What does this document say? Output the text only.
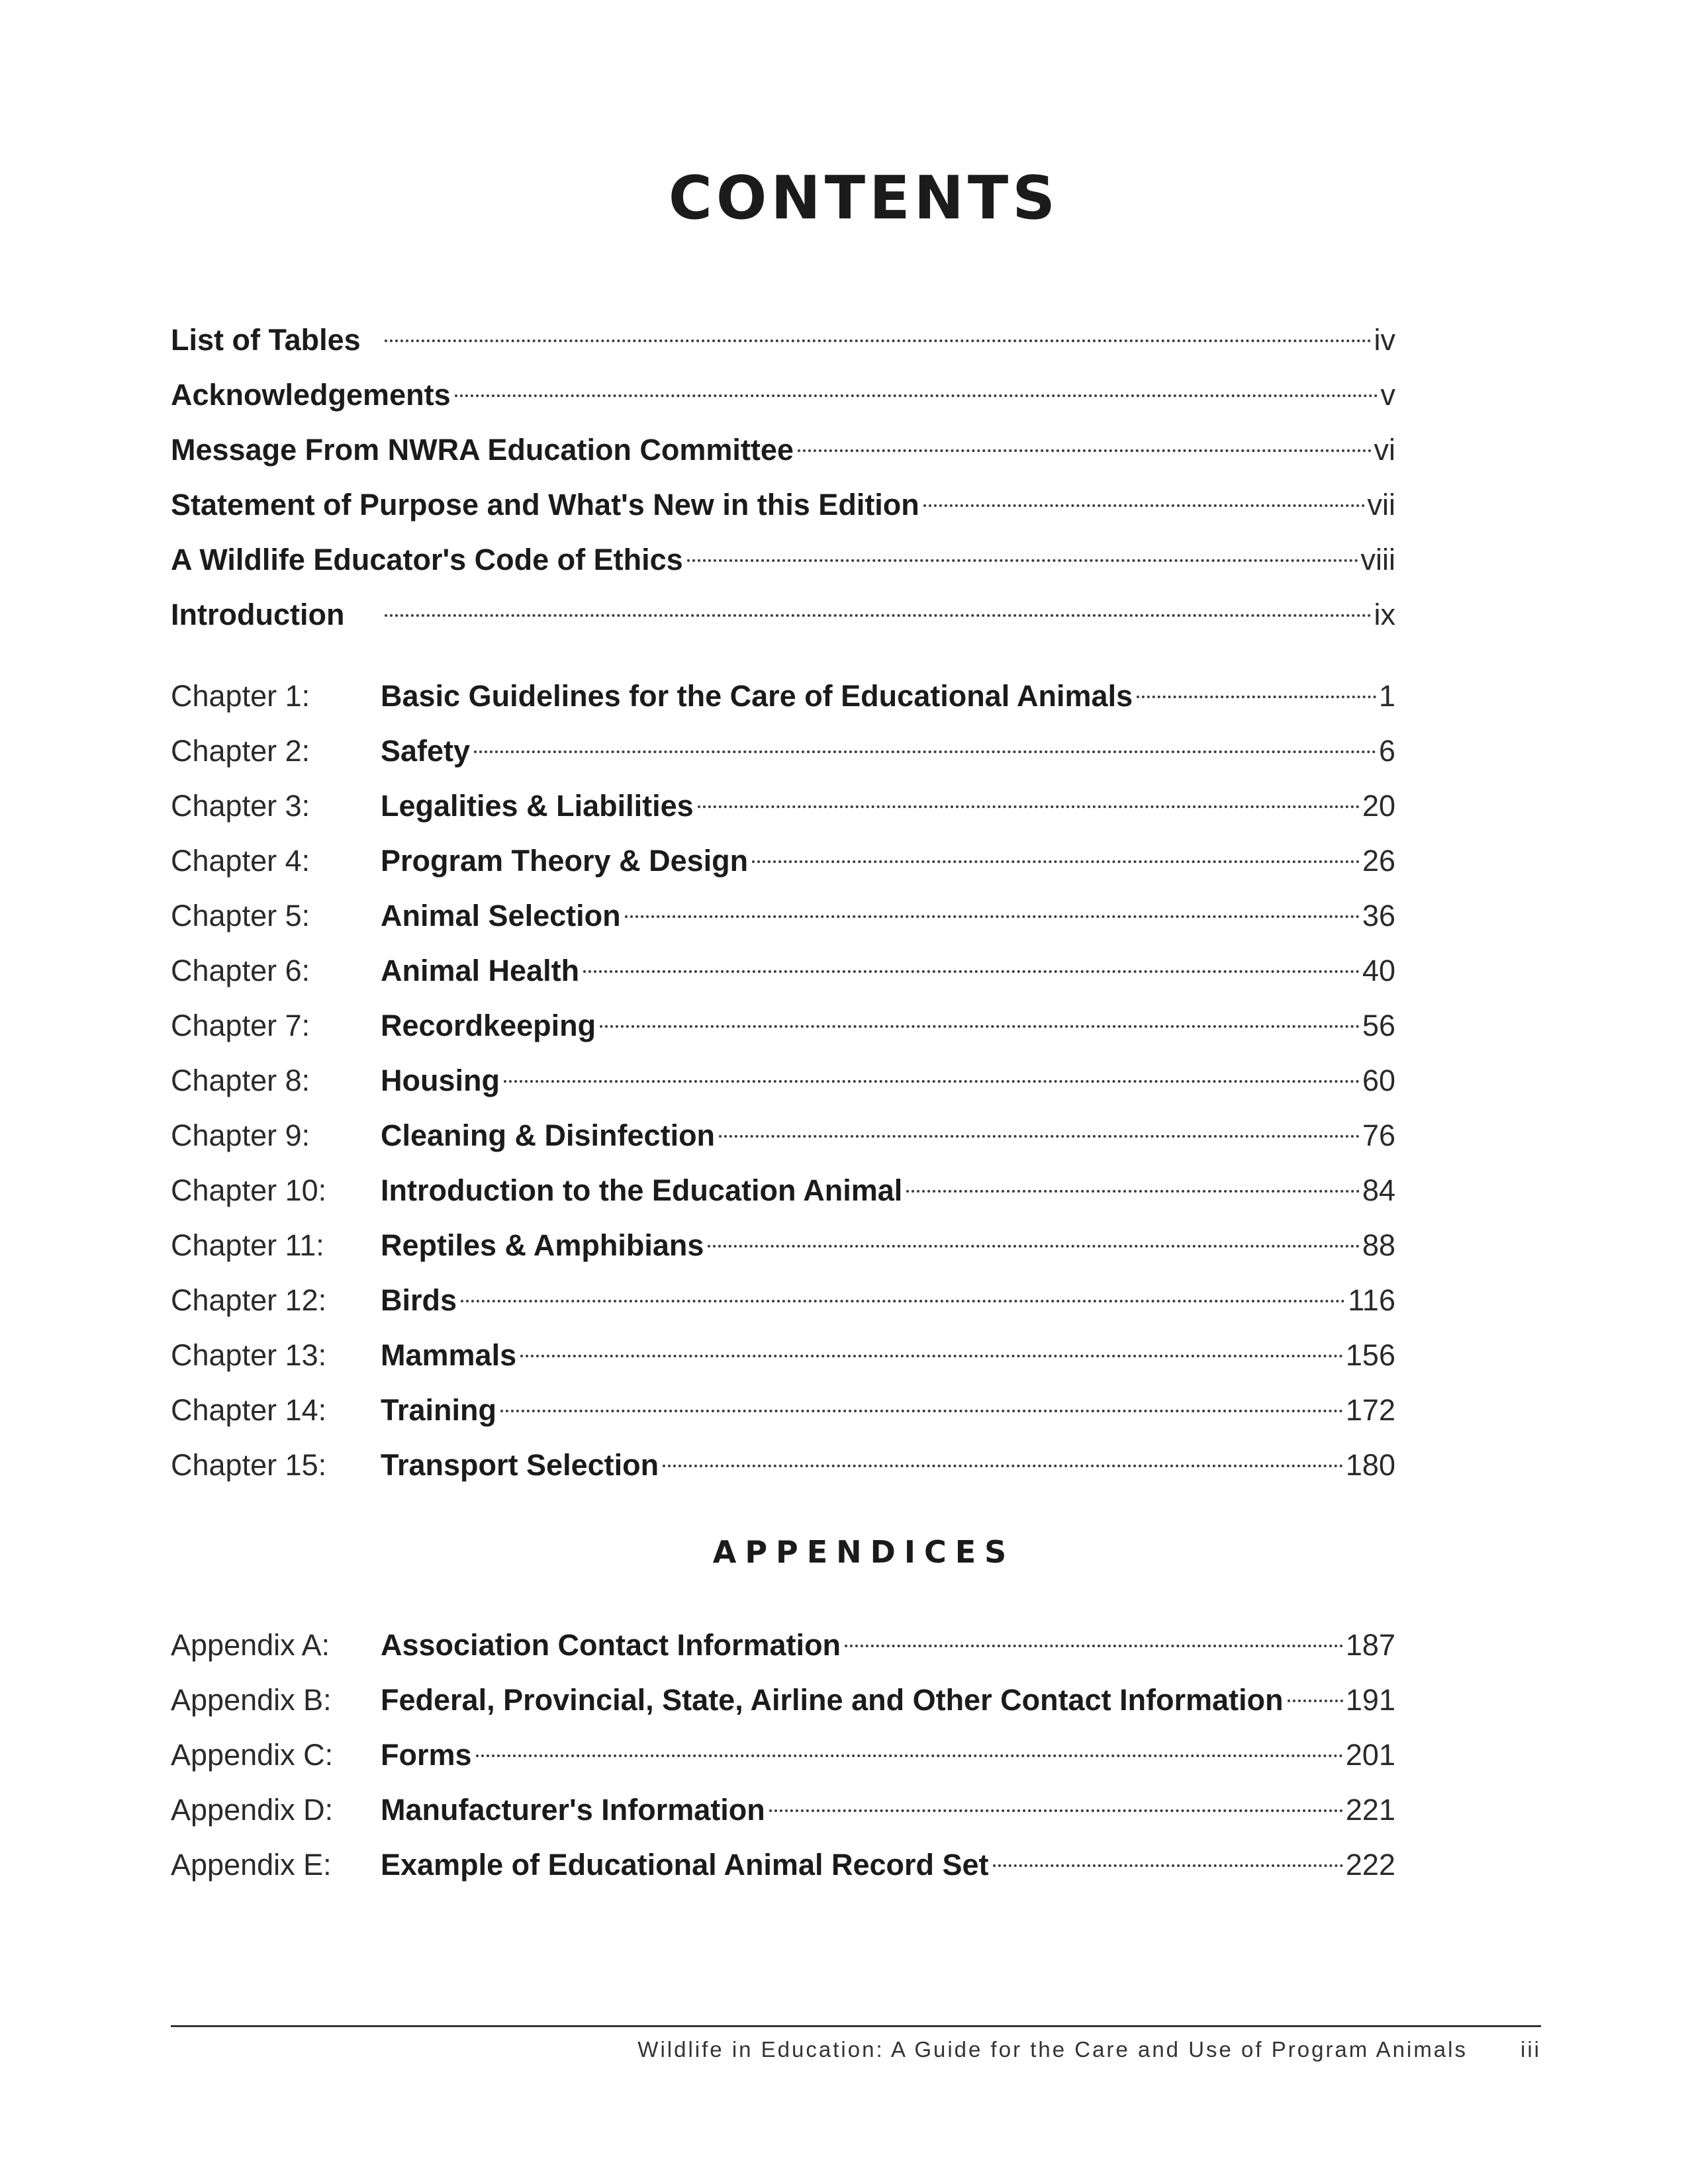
CONTENTS
List of Tables	iv
Acknowledgements	v
Message From NWRA Education Committee	vi
Statement of Purpose and What's New in this Edition	vii
A Wildlife Educator's Code of Ethics	viii
Introduction	ix
Chapter 1:	Basic Guidelines for the Care of Educational Animals	1
Chapter 2:	Safety	6
Chapter 3:	Legalities & Liabilities	20
Chapter 4:	Program Theory & Design	26
Chapter 5:	Animal Selection	36
Chapter 6:	Animal Health	40
Chapter 7:	Recordkeeping	56
Chapter 8:	Housing	60
Chapter 9:	Cleaning & Disinfection	76
Chapter 10:	Introduction to the Education Animal	84
Chapter 11:	Reptiles & Amphibians	88
Chapter 12:	Birds	116
Chapter 13:	Mammals	156
Chapter 14:	Training	172
Chapter 15:	Transport Selection	180
APPENDICES
Appendix A:	Association Contact Information	187
Appendix B:	Federal, Provincial, State, Airline and Other Contact Information 191
Appendix C:	Forms	201
Appendix D:	Manufacturer's Information	221
Appendix E:	Example of Educational Animal Record Set	222
Wildlife in Education: A Guide for the Care and Use of Program Animals iii
